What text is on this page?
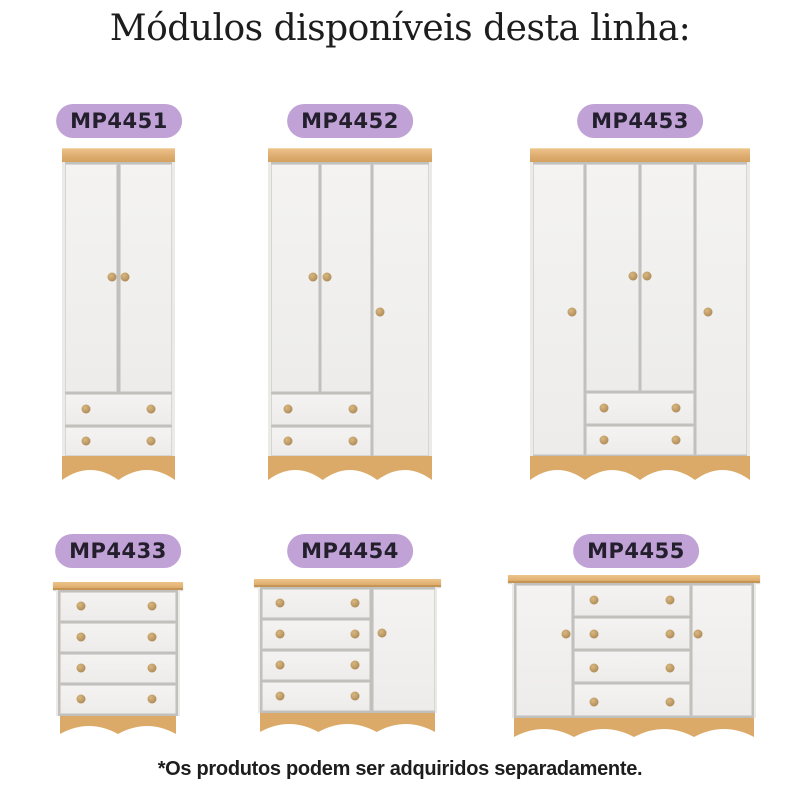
Módulos disponíveis desta linha:
MP4451	MP4452	MP4453
MP4433	MP4454	MP4455
*Os produtos podem ser adquiridos separadamente.
